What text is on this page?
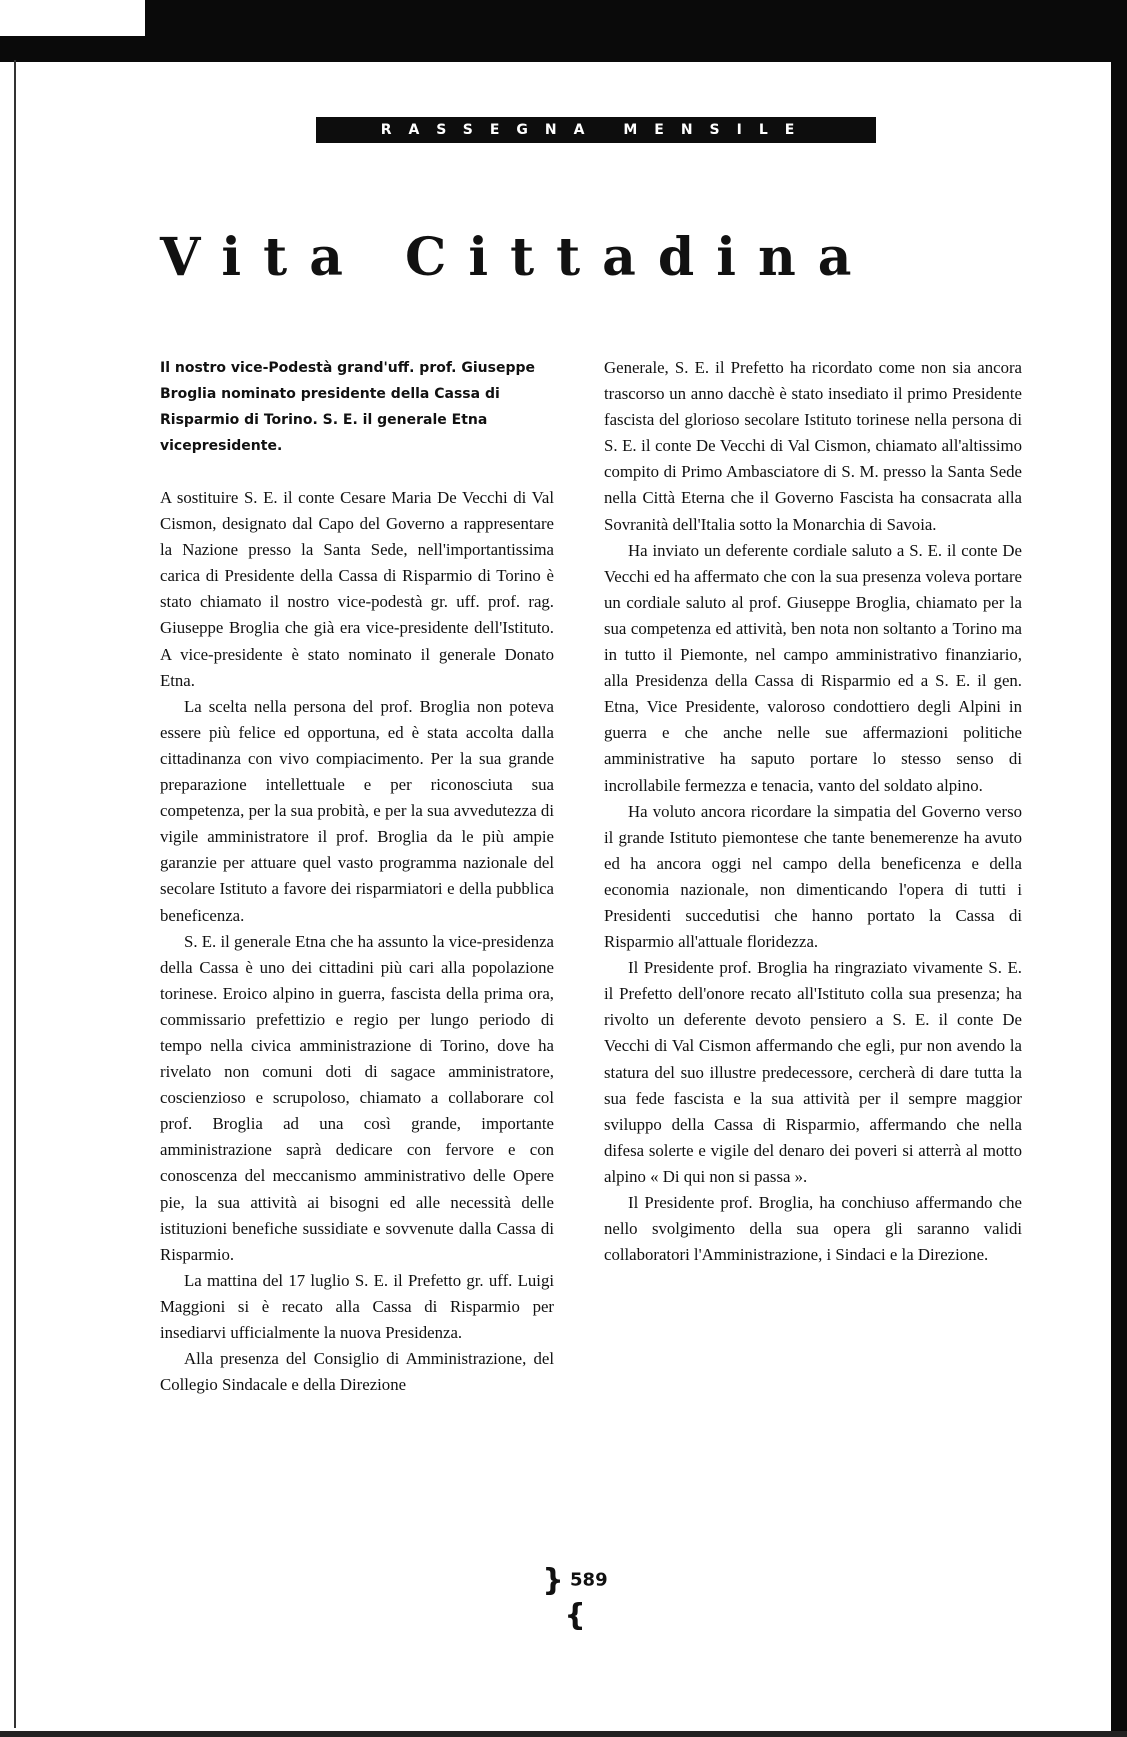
RASSEGNA MENSILE
Vita Cittadina

Il nostro vice-Podestà grand'uff. prof. Giuseppe Broglia nominato presidente della Cassa di Risparmio di Torino. S. E. il generale Etna vicepresidente.

A sostituire S. E. il conte Cesare Maria De Vecchi di Val Cismon, designato dal Capo del Governo a rappresentare la Nazione presso la Santa Sede, nell'importantissima carica di Presidente della Cassa di Risparmio di Torino è stato chiamato il nostro vice-podestà gr. uff. prof. rag. Giuseppe Broglia che già era vice-presidente dell'Istituto. A vice-presidente è stato nominato il generale Donato Etna.

La scelta nella persona del prof. Broglia non poteva essere più felice ed opportuna, ed è stata accolta dalla cittadinanza con vivo compiacimento. Per la sua grande preparazione intellettuale e per riconosciuta sua competenza, per la sua probità, e per la sua avvedutezza di vigile amministratore il prof. Broglia da le più ampie garanzie per attuare quel vasto programma nazionale del secolare Istituto a favore dei risparmiatori e della pubblica beneficenza.

S. E. il generale Etna che ha assunto la vice-presidenza della Cassa è uno dei cittadini più cari alla popolazione torinese. Eroico alpino in guerra, fascista della prima ora, commissario prefettizio e regio per lungo periodo di tempo nella civica amministrazione di Torino, dove ha rivelato non comuni doti di sagace amministratore, coscienzioso e scrupoloso, chiamato a collaborare col prof. Broglia ad una così grande, importante amministrazione saprà dedicare con fervore e con conoscenza del meccanismo amministrativo delle Opere pie, la sua attività ai bisogni ed alle necessità delle istituzioni benefiche sussidiate e sovvenute dalla Cassa di Risparmio.

La mattina del 17 luglio S. E. il Prefetto gr. uff. Luigi Maggioni si è recato alla Cassa di Risparmio per insediarvi ufficialmente la nuova Presidenza.

Alla presenza del Consiglio di Amministrazione, del Collegio Sindacale e della Direzione

Generale, S. E. il Prefetto ha ricordato come non sia ancora trascorso un anno dacchè è stato insediato il primo Presidente fascista del glorioso secolare Istituto torinese nella persona di S. E. il conte De Vecchi di Val Cismon, chiamato all'altissimo compito di Primo Ambasciatore di S. M. presso la Santa Sede nella Città Eterna che il Governo Fascista ha consacrata alla Sovranità dell'Italia sotto la Monarchia di Savoia.

Ha inviato un deferente cordiale saluto a S. E. il conte De Vecchi ed ha affermato che con la sua presenza voleva portare un cordiale saluto al prof. Giuseppe Broglia, chiamato per la sua competenza ed attività, ben nota non soltanto a Torino ma in tutto il Piemonte, nel campo amministrativo finanziario, alla Presidenza della Cassa di Risparmio ed a S. E. il gen. Etna, Vice Presidente, valoroso condottiero degli Alpini in guerra e che anche nelle sue affermazioni politiche amministrative ha saputo portare lo stesso senso di incrollabile fermezza e tenacia, vanto del soldato alpino.

Ha voluto ancora ricordare la simpatia del Governo verso il grande Istituto piemontese che tante benemerenze ha avuto ed ha ancora oggi nel campo della beneficenza e della economia nazionale, non dimenticando l'opera di tutti i Presidenti succedutisi che hanno portato la Cassa di Risparmio all'attuale floridezza.

Il Presidente prof. Broglia ha ringraziato vivamente S. E. il Prefetto dell'onore recato all'Istituto colla sua presenza; ha rivolto un deferente devoto pensiero a S. E. il conte De Vecchi di Val Cismon affermando che egli, pur non avendo la statura del suo illustre predecessore, cercherà di dare tutta la sua fede fascista e la sua attività per il sempre maggior sviluppo della Cassa di Risparmio, affermando che nella difesa solerte e vigile del denaro dei poveri si atterrà al motto alpino « Di qui non si passa ».

Il Presidente prof. Broglia, ha conchiuso affermando che nello svolgimento della sua opera gli saranno validi collaboratori l'Amministrazione, i Sindaci e la Direzione.

} 589 {
